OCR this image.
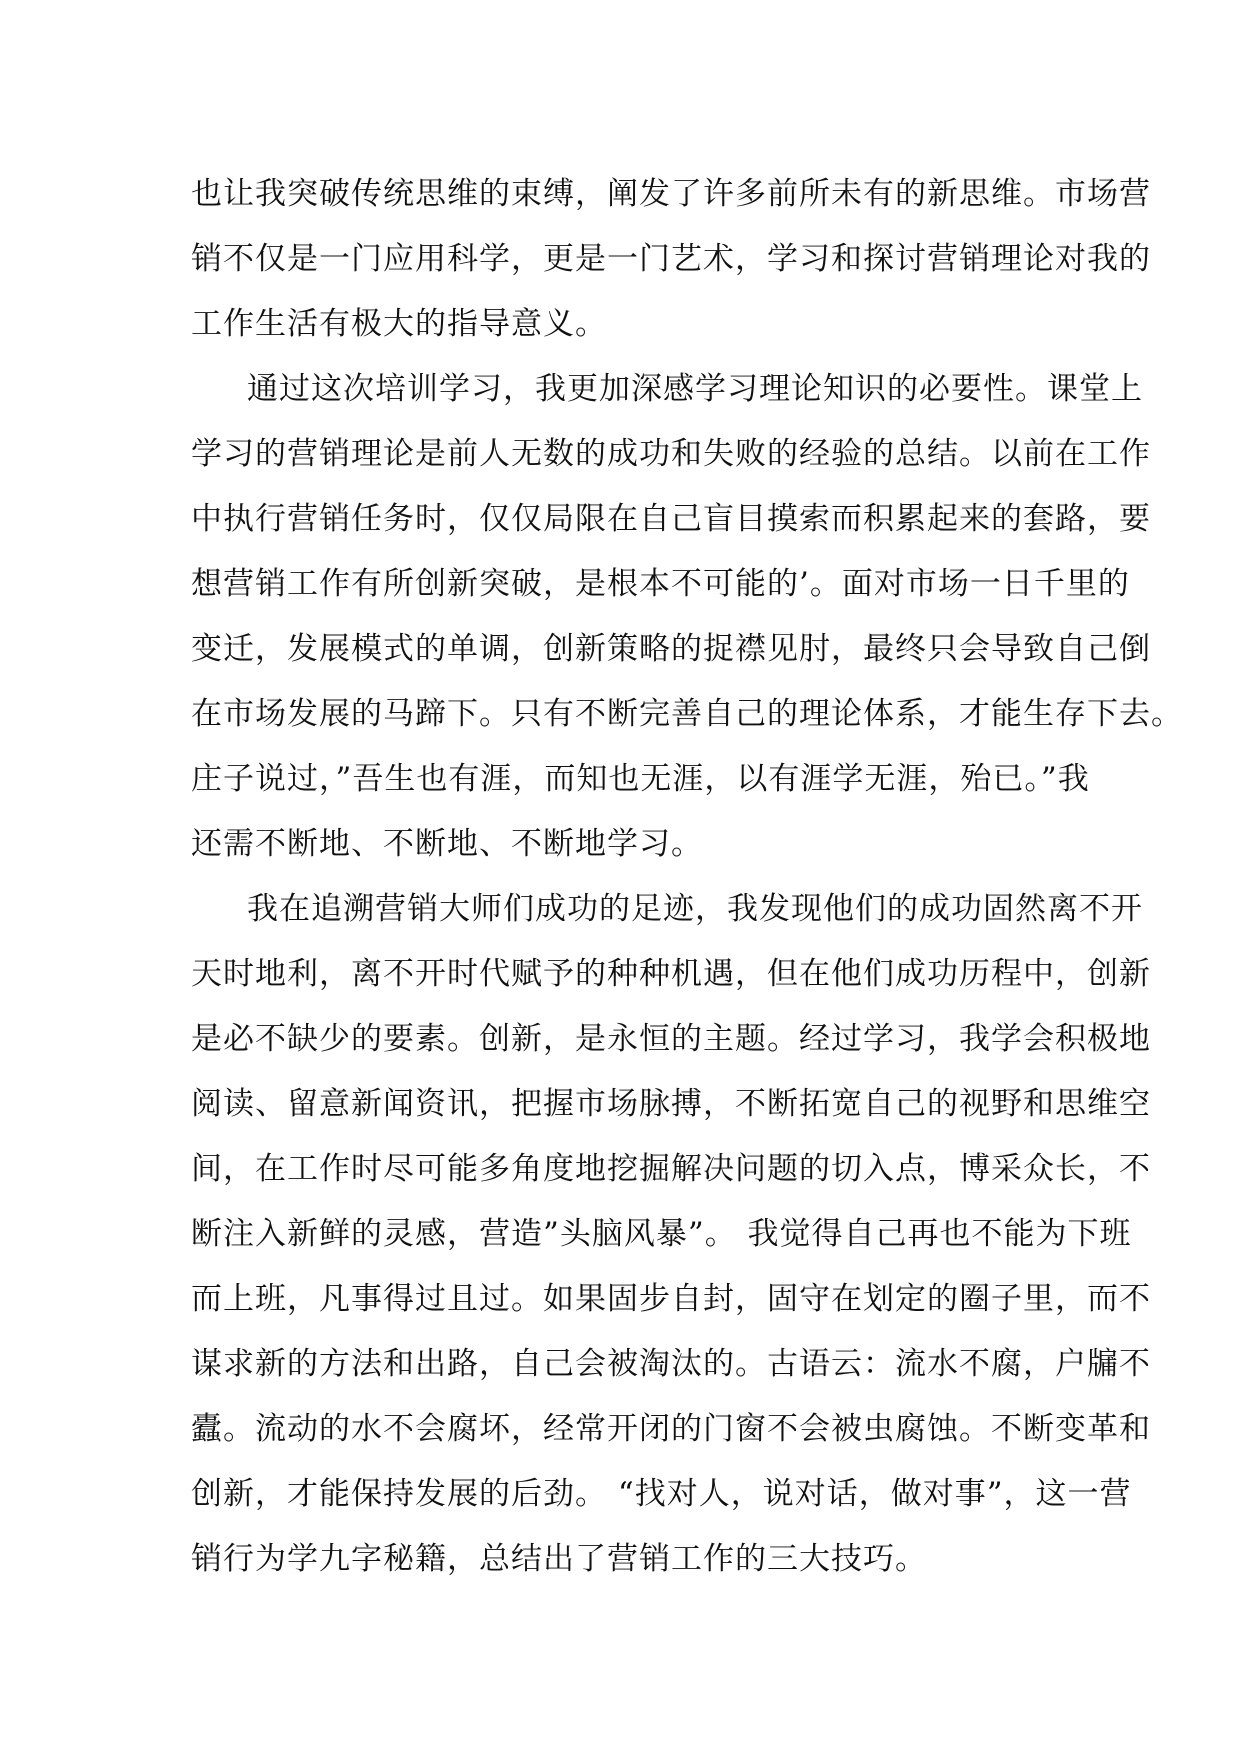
也让我突破传统思维的束缚，阐发了许多前所未有的新思维。市场营
销不仅是一门应用科学，更是一门艺术，学习和探讨营销理论对我的
工作生活有极大的指导意义。
通过这次培训学习，我更加深感学习理论知识的必要性。课堂上
学习的营销理论是前人无数的成功和失败的经验的总结。以前在工作
中执行营销任务时，仅仅局限在自己盲目摸索而积累起来的套路，要
想营销工作有所创新突破，是根本不可能的’。面对市场一日千里的
变迁，发展模式的单调，创新策略的捉襟见肘，最终只会导致自己倒
在市场发展的马蹄下。只有不断完善自己的理论体系，才能生存下去。
庄子说过，”吾生也有涯，而知也无涯，以有涯学无涯，殆已。”我
还需不断地、不断地、不断地学习。
我在追溯营销大师们成功的足迹，我发现他们的成功固然离不开
天时地利，离不开时代赋予的种种机遇，但在他们成功历程中，创新
是必不缺少的要素。创新，是永恒的主题。经过学习，我学会积极地
阅读、留意新闻资讯，把握市场脉搏，不断拓宽自己的视野和思维空
间，在工作时尽可能多角度地挖掘解决问题的切入点，博采众长，不
断注入新鲜的灵感，营造”头脑风暴”。 我觉得自己再也不能为下班
而上班，凡事得过且过。如果固步自封，固守在划定的圈子里，而不
谋求新的方法和出路，自己会被淘汰的。古语云：流水不腐，户牖不
蠹。流动的水不会腐坏，经常开闭的门窗不会被虫腐蚀。不断变革和
创新，才能保持发展的后劲。 “找对人，说对话，做对事”，这一营
销行为学九字秘籍，总结出了营销工作的三大技巧。
